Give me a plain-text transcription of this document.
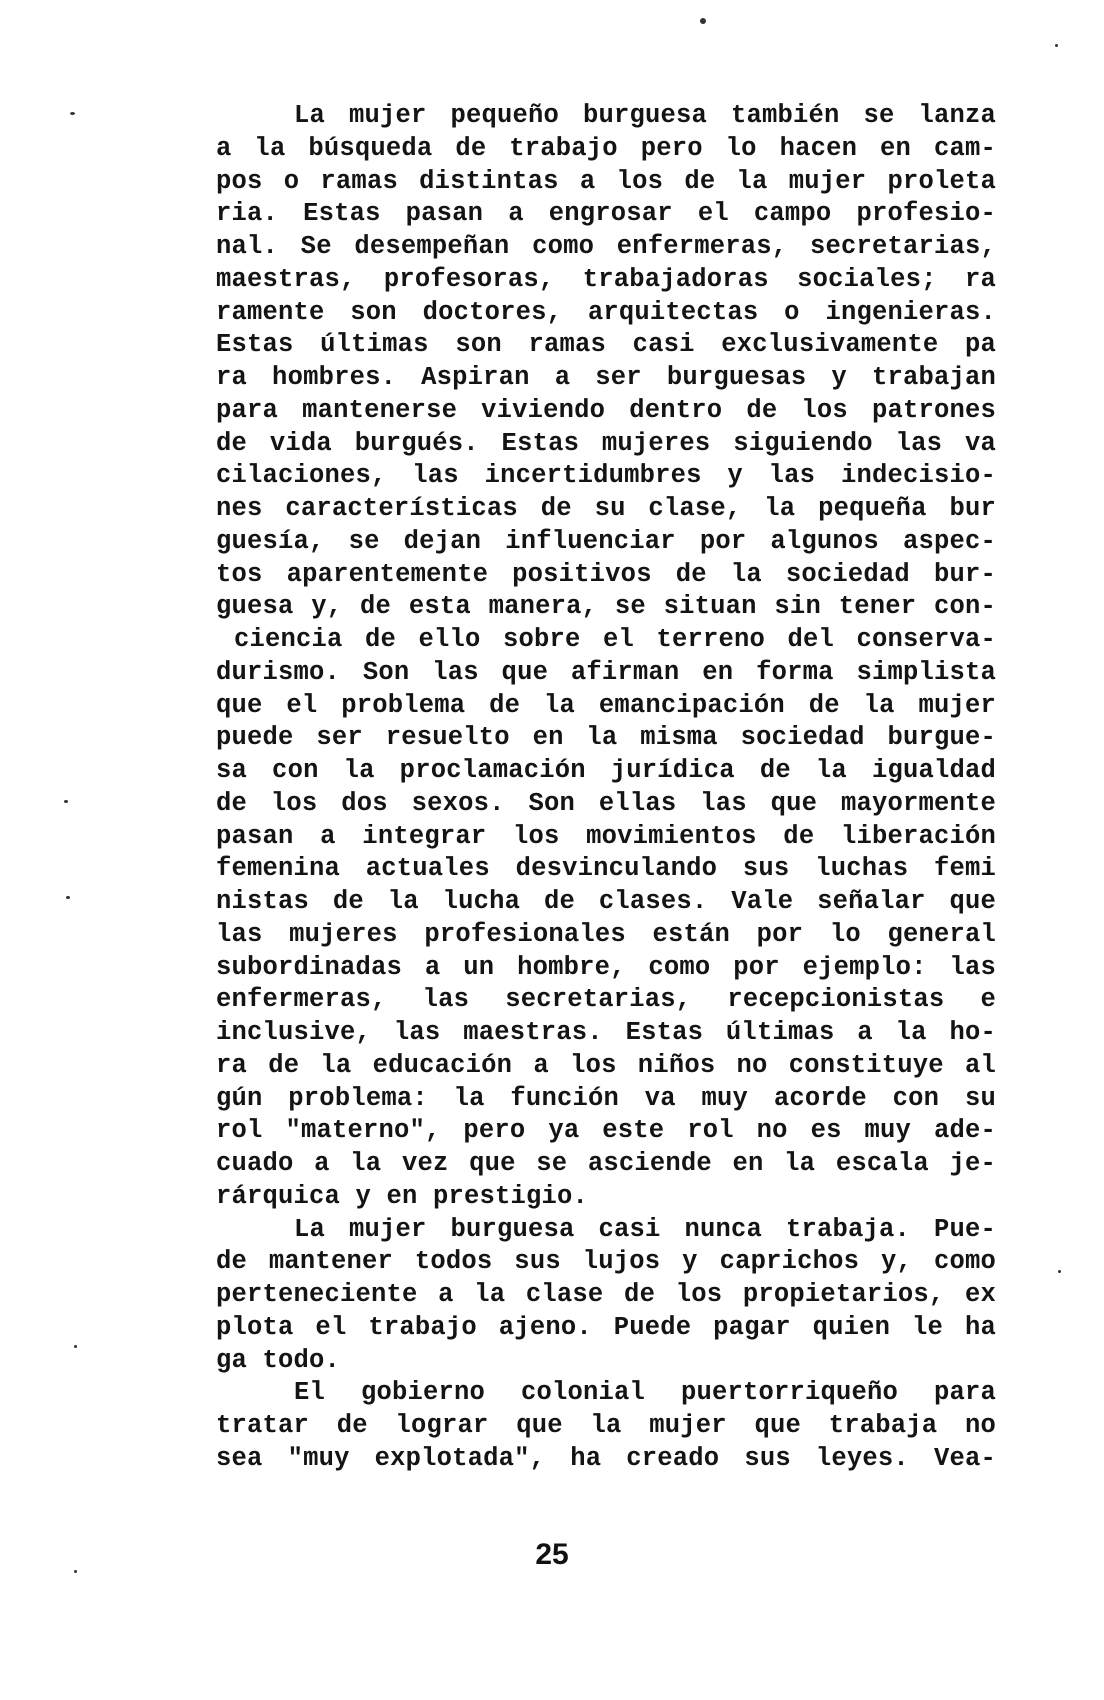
La mujer pequeño burguesa también se lanza
a la búsqueda de trabajo pero lo hacen en cam-
pos o ramas distintas a los de la mujer proleta
ria. Estas pasan a engrosar el campo profesio-
nal. Se desempeñan como enfermeras, secretarias,
maestras, profesoras, trabajadoras sociales; ra
ramente son doctores, arquitectas o ingenieras.
Estas últimas son ramas casi exclusivamente pa
ra hombres. Aspiran a ser burguesas y trabajan
para mantenerse viviendo dentro de los patrones
de vida burgués. Estas mujeres siguiendo las va
cilaciones, las incertidumbres y las indecisio-
nes características de su clase, la pequeña bur
guesía, se dejan influenciar por algunos aspec-
tos aparentemente positivos de la sociedad bur-
guesa y, de esta manera, se situan sin tener con-
ciencia de ello sobre el terreno del conserva-
durismo. Son las que afirman en forma simplista
que el problema de la emancipación de la mujer
puede ser resuelto en la misma sociedad burgue-
sa con la proclamación jurídica de la igualdad
de los dos sexos. Son ellas las que mayormente
pasan a integrar los movimientos de liberación
femenina actuales desvinculando sus luchas femi
nistas de la lucha de clases. Vale señalar que
las mujeres profesionales están por lo general
subordinadas a un hombre, como por ejemplo: las
enfermeras, las secretarias, recepcionistas e
inclusive, las maestras. Estas últimas a la ho-
ra de la educación a los niños no constituye al
gún problema: la función va muy acorde con su
rol "materno", pero ya este rol no es muy ade-
cuado a la vez que se asciende en la escala je-
rárquica y en prestigio.
La mujer burguesa casi nunca trabaja. Pue-
de mantener todos sus lujos y caprichos y, como
perteneciente a la clase de los propietarios, ex
plota el trabajo ajeno. Puede pagar quien le ha
ga todo.
El gobierno colonial puertorriqueño para
tratar de lograr que la mujer que trabaja no
sea "muy explotada", ha creado sus leyes. Vea-
25
